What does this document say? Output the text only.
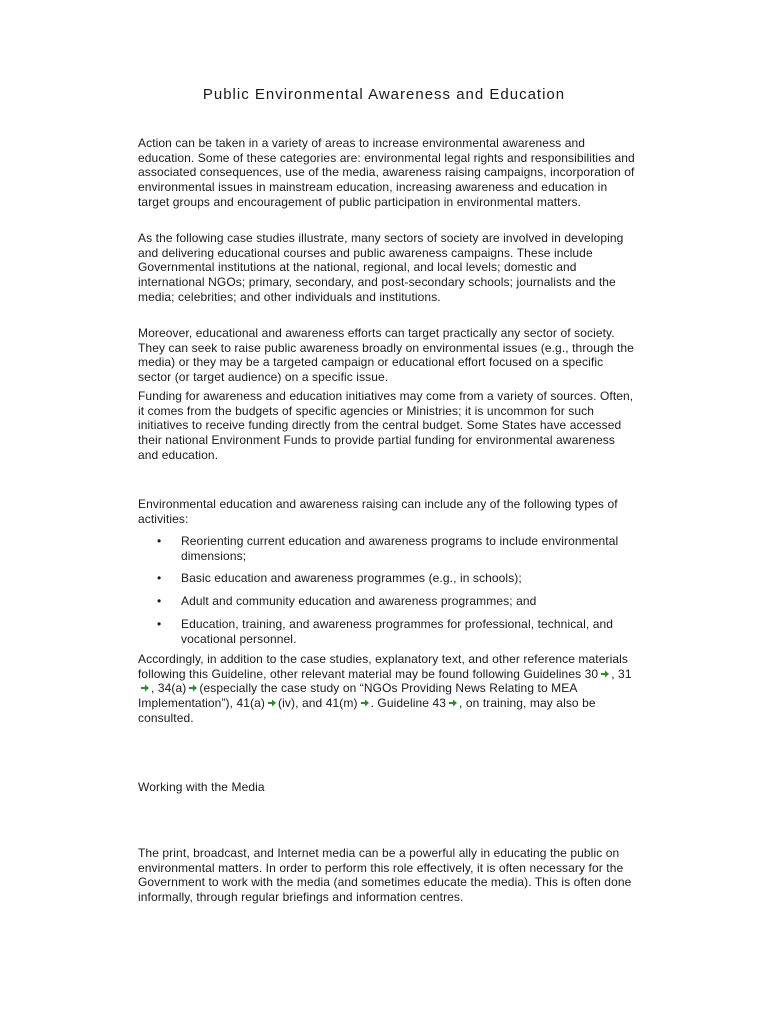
Public Environmental Awareness and Education

Action can be taken in a variety of areas to increase environmental awareness and education. Some of these categories are: environmental legal rights and responsibilities and associated consequences, use of the media, awareness raising campaigns, incorporation of environmental issues in mainstream education, increasing awareness and education in target groups and encouragement of public participation in environmental matters.

As the following case studies illustrate, many sectors of society are involved in developing and delivering educational courses and public awareness campaigns. These include Governmental institutions at the national, regional, and local levels; domestic and international NGOs; primary, secondary, and post-secondary schools; journalists and the media; celebrities; and other individuals and institutions.

Moreover, educational and awareness efforts can target practically any sector of society. They can seek to raise public awareness broadly on environmental issues (e.g., through the media) or they may be a targeted campaign or educational effort focused on a specific sector (or target audience) on a specific issue.

Funding for awareness and education initiatives may come from a variety of sources. Often, it comes from the budgets of specific agencies or Ministries; it is uncommon for such initiatives to receive funding directly from the central budget. Some States have accessed their national Environment Funds to provide partial funding for environmental awareness and education.

Environmental education and awareness raising can include any of the following types of activities:

• Reorienting current education and awareness programs to include environmental dimensions;
• Basic education and awareness programmes (e.g., in schools);
• Adult and community education and awareness programmes; and
• Education, training, and awareness programmes for professional, technical, and vocational personnel.

Accordingly, in addition to the case studies, explanatory text, and other reference materials following this Guideline, other relevant material may be found following Guidelines 30 , 31, 34(a) (especially the case study on “NGOs Providing News Relating to MEA Implementation”), 41(a) (iv), and 41(m) . Guideline 43 , on training, may also be consulted.

Working with the Media

The print, broadcast, and Internet media can be a powerful ally in educating the public on environmental matters. In order to perform this role effectively, it is often necessary for the Government to work with the media (and sometimes educate the media). This is often done informally, through regular briefings and information centres.
